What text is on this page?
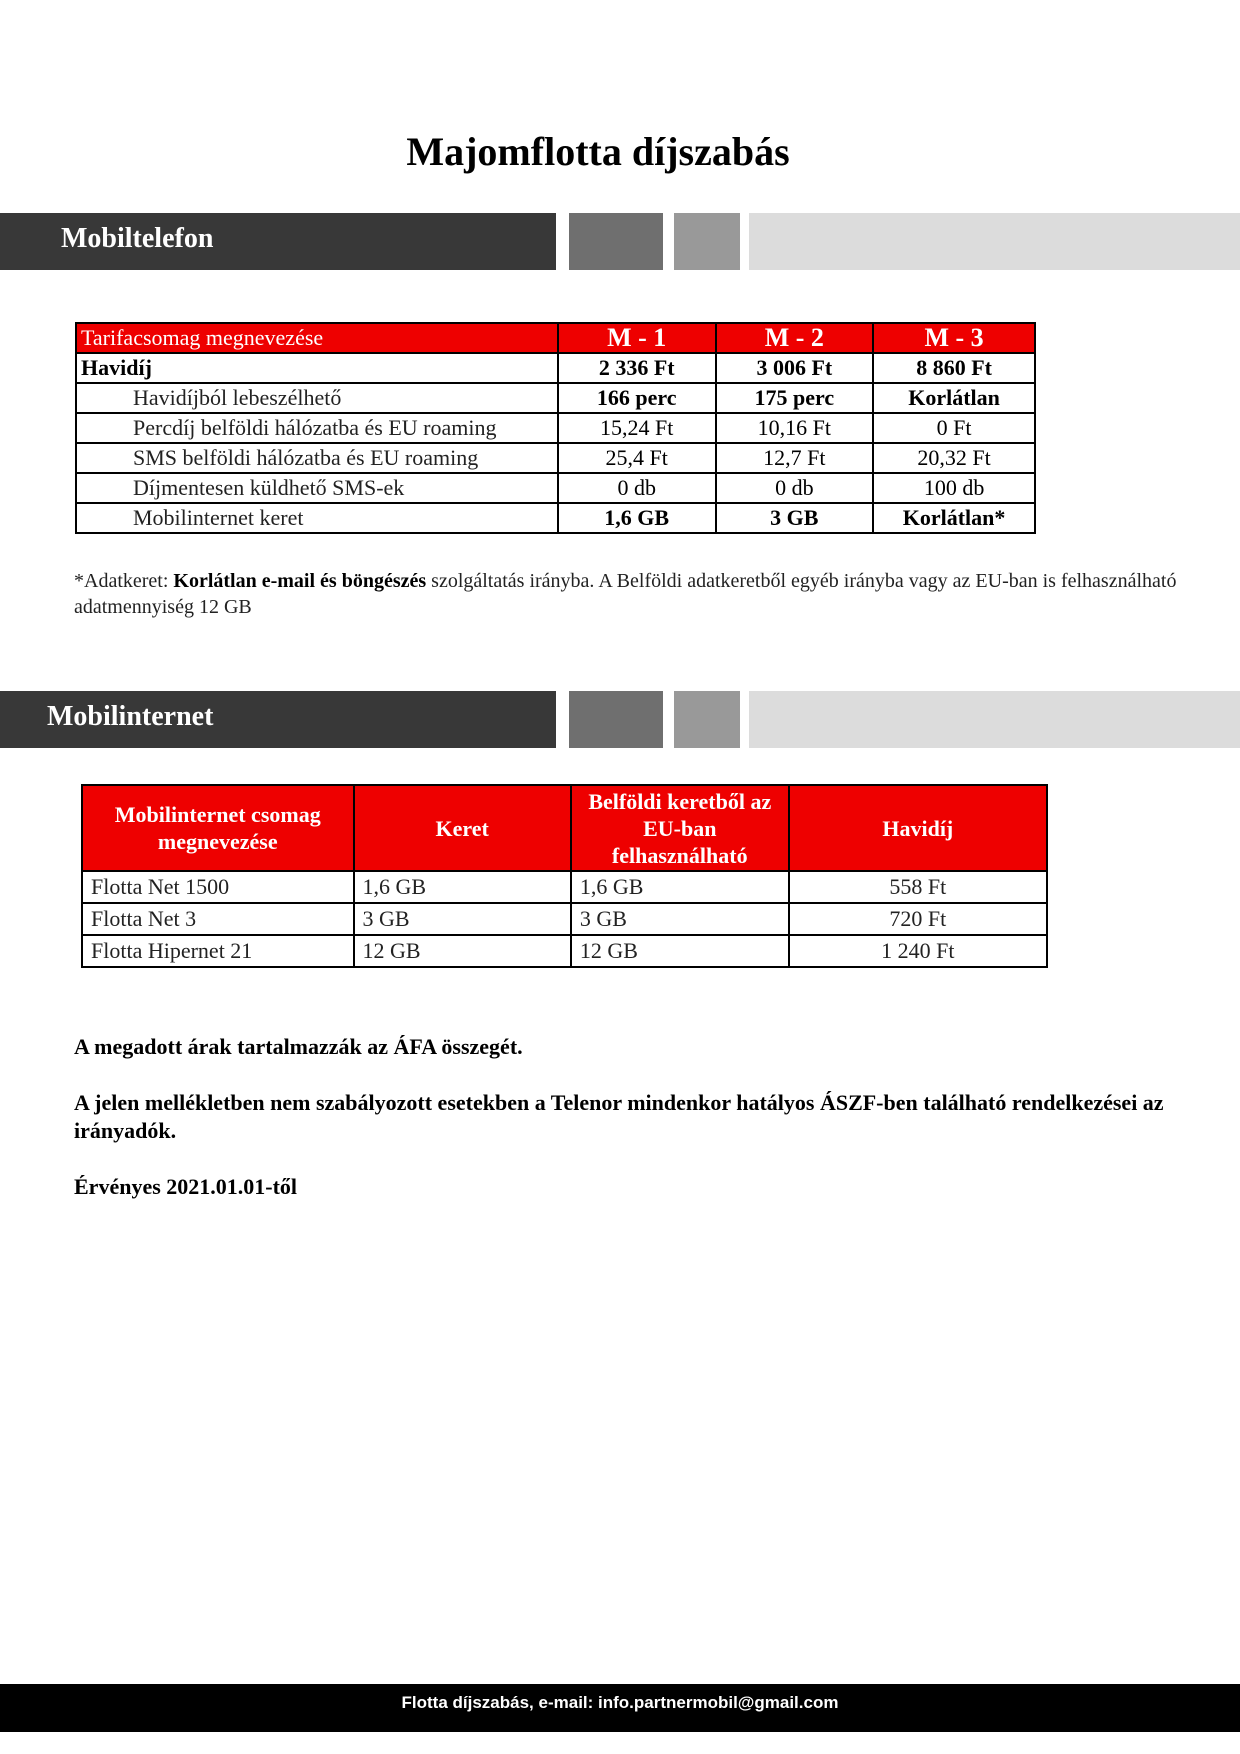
Majomflotta díjszabás
Mobiltelefon
Tarifacsomag megnevezése	M - 1	M - 2	M - 3
Havidíj	2 336 Ft	3 006 Ft	8 860 Ft
Havidíjból lebeszélhető	166 perc	175 perc	Korlátlan
Percdíj belföldi hálózatba és EU roaming	15,24 Ft	10,16 Ft	0 Ft
SMS belföldi hálózatba és EU roaming	25,4 Ft	12,7 Ft	20,32 Ft
Díjmentesen küldhető SMS-ek	0 db	0 db	100 db
Mobilinternet keret	1,6 GB	3 GB	Korlátlan*
*Adatkeret: Korlátlan e-mail és böngészés szolgáltatás irányba. A Belföldi adatkeretből egyéb irányba vagy az EU-ban is felhasználható adatmennyiség 12 GB
Mobilinternet
Mobilinternet csomag megnevezése	Keret	Belföldi keretből az EU-ban felhasználható	Havidíj
Flotta Net 1500	1,6 GB	1,6 GB	558 Ft
Flotta Net 3	3 GB	3 GB	720 Ft
Flotta Hipernet 21	12 GB	12 GB	1 240 Ft
A megadott árak tartalmazzák az ÁFA összegét.
A jelen mellékletben nem szabályozott esetekben a Telenor mindenkor hatályos ÁSZF-ben található rendelkezései az irányadók.
Érvényes 2021.01.01-től
Flotta díjszabás, e-mail: info.partnermobil@gmail.com
